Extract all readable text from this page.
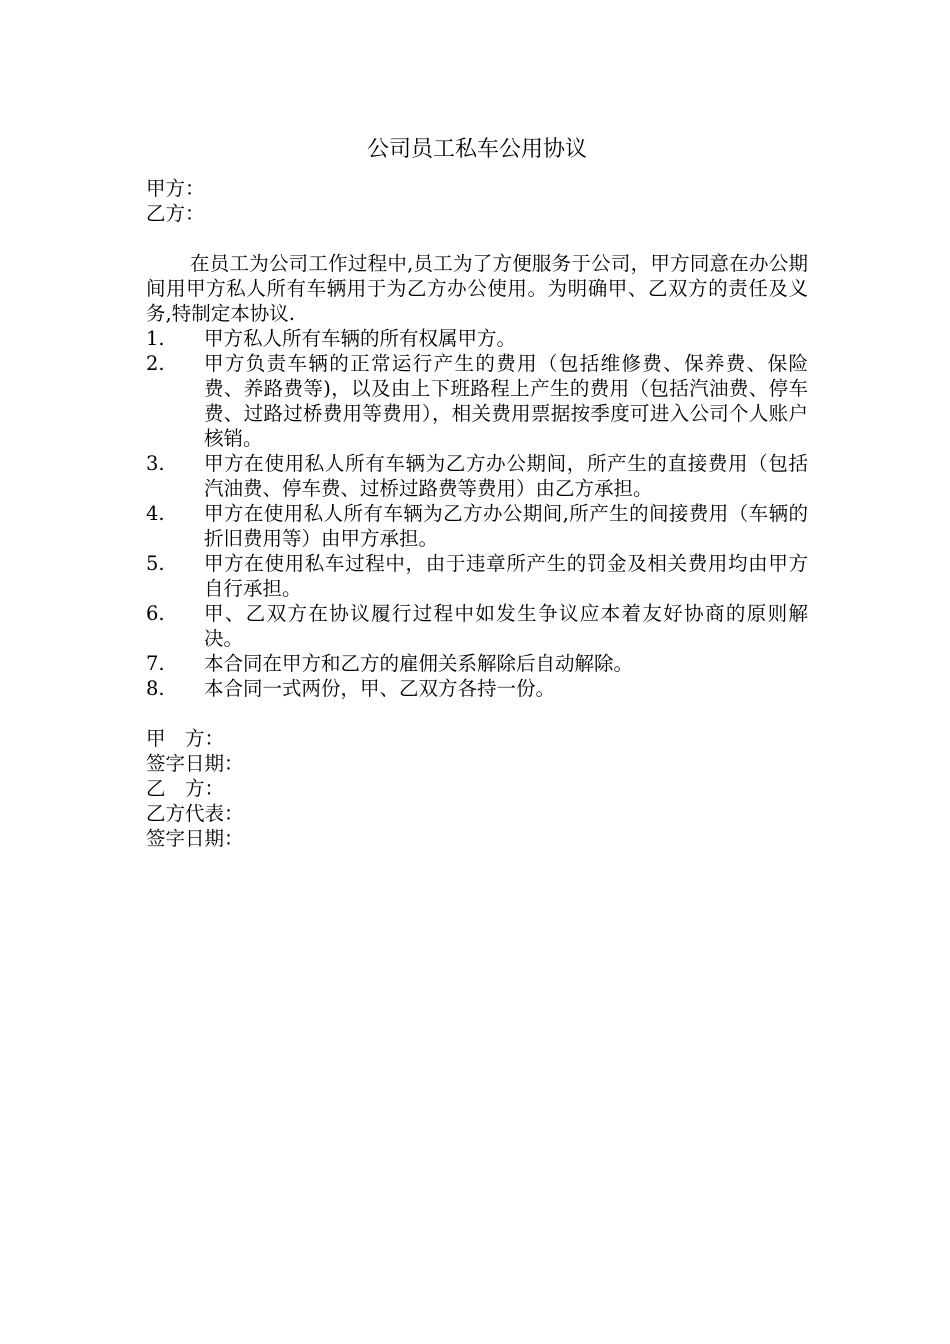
公司员工私车公用协议

甲方：

乙方：

在员工为公司工作过程中,员工为了方便服务于公司，甲方同意在办公期间用甲方私人所有车辆用于为乙方办公使用。为明确甲、乙双方的责任及义务,特制定本协议.

1.	甲方私人所有车辆的所有权属甲方。
2.	甲方负责车辆的正常运行产生的费用（包括维修费、保养费、保险费、养路费等)，以及由上下班路程上产生的费用（包括汽油费、停车费、过路过桥费用等费用），相关费用票据按季度可进入公司个人账户核销。
3.	甲方在使用私人所有车辆为乙方办公期间，所产生的直接费用（包括汽油费、停车费、过桥过路费等费用）由乙方承担。
4.	甲方在使用私人所有车辆为乙方办公期间,所产生的间接费用（车辆的折旧费用等）由甲方承担。
5.	甲方在使用私车过程中，由于违章所产生的罚金及相关费用均由甲方自行承担。
6.	甲、乙双方在协议履行过程中如发生争议应本着友好协商的原则解决。
7.	本合同在甲方和乙方的雇佣关系解除后自动解除。
8.	本合同一式两份，甲、乙双方各持一份。

甲　方：

签字日期：

乙　方：

乙方代表：

签字日期：
